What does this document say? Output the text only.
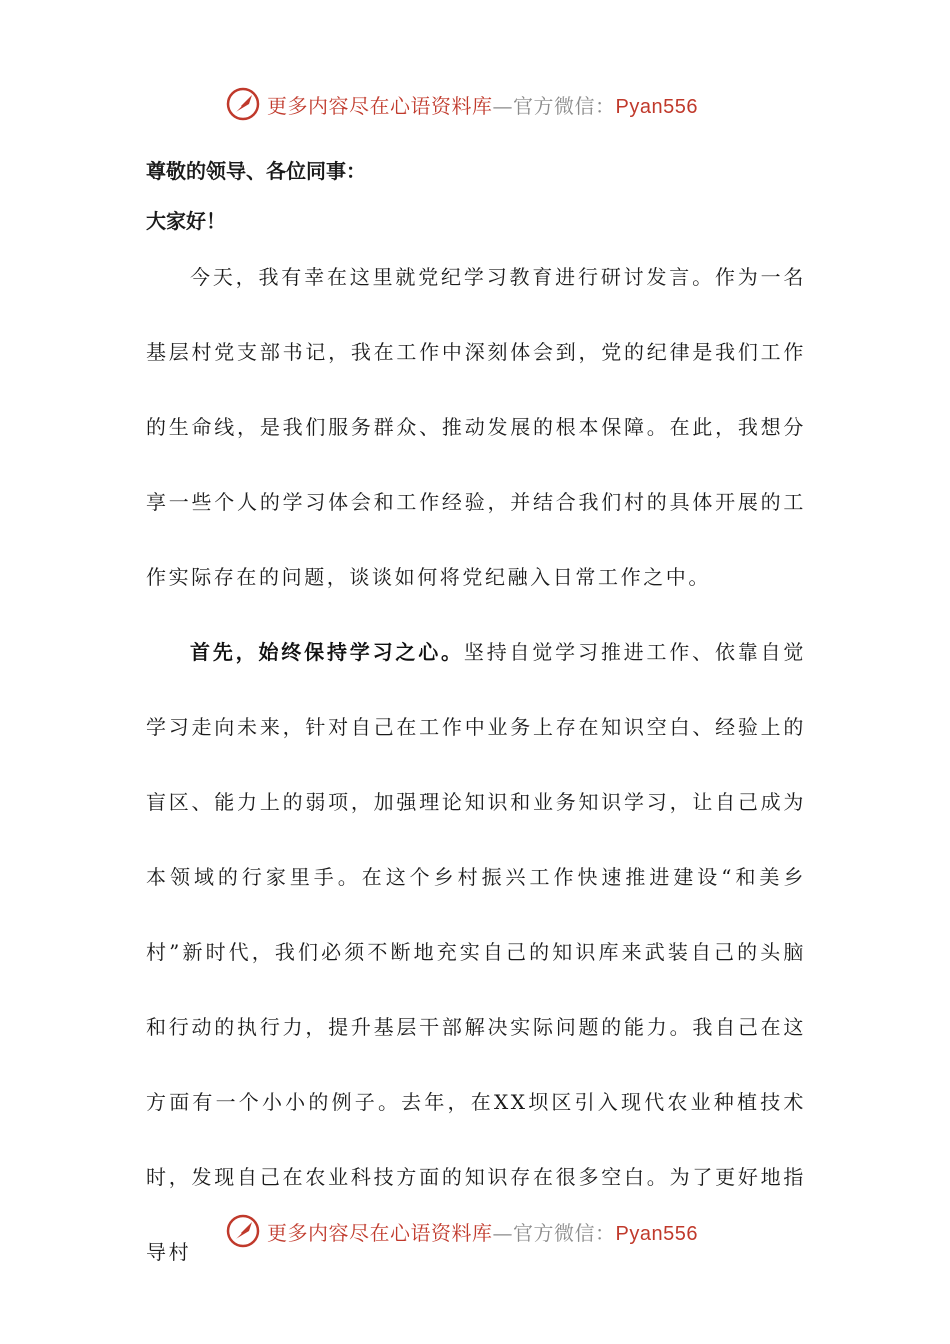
更多内容尽在心语资料库—官方微信：Pyan556

尊敬的领导、各位同事：

大家好！

今天，我有幸在这里就党纪学习教育进行研讨发言。作为一名基层村党支部书记，我在工作中深刻体会到，党的纪律是我们工作的生命线，是我们服务群众、推动发展的根本保障。在此，我想分享一些个人的学习体会和工作经验，并结合我们村的具体开展的工作实际存在的问题，谈谈如何将党纪融入日常工作之中。

首先，始终保持学习之心。坚持自觉学习推进工作、依靠自觉学习走向未来，针对自己在工作中业务上存在知识空白、经验上的盲区、能力上的弱项，加强理论知识和业务知识学习，让自己成为本领域的行家里手。在这个乡村振兴工作快速推进建设“和美乡村”新时代，我们必须不断地充实自己的知识库来武装自己的头脑和行动的执行力，提升基层干部解决实际问题的能力。我自己在这方面有一个小小的例子。去年，在XX坝区引入现代农业种植技术时，发现自己在农业科技方面的知识存在很多空白。为了更好地指导村

更多内容尽在心语资料库—官方微信：Pyan556
